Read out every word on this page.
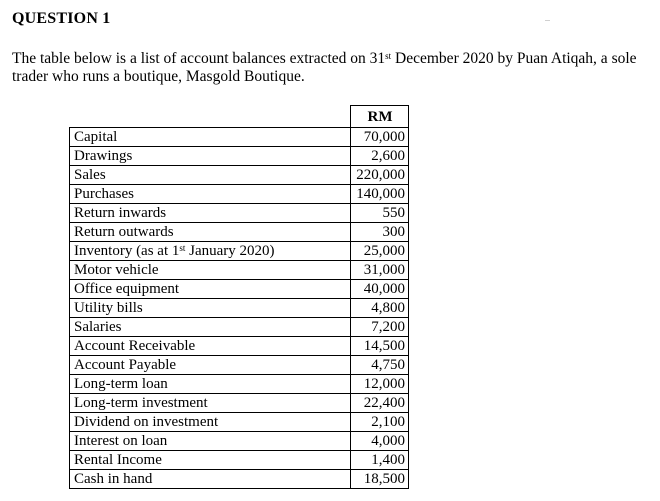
QUESTION 1
The table below is a list of account balances extracted on 31st December 2020 by Puan Atiqah, a sole trader who runs a boutique, Masgold Boutique.
	RM
Capital	70,000
Drawings	2,600
Sales	220,000
Purchases	140,000
Return inwards	550
Return outwards	300
Inventory (as at 1st January 2020)	25,000
Motor vehicle	31,000
Office equipment	40,000
Utility bills	4,800
Salaries	7,200
Account Receivable	14,500
Account Payable	4,750
Long-term loan	12,000
Long-term investment	22,400
Dividend on investment	2,100
Interest on loan	4,000
Rental Income	1,400
Cash in hand	18,500
